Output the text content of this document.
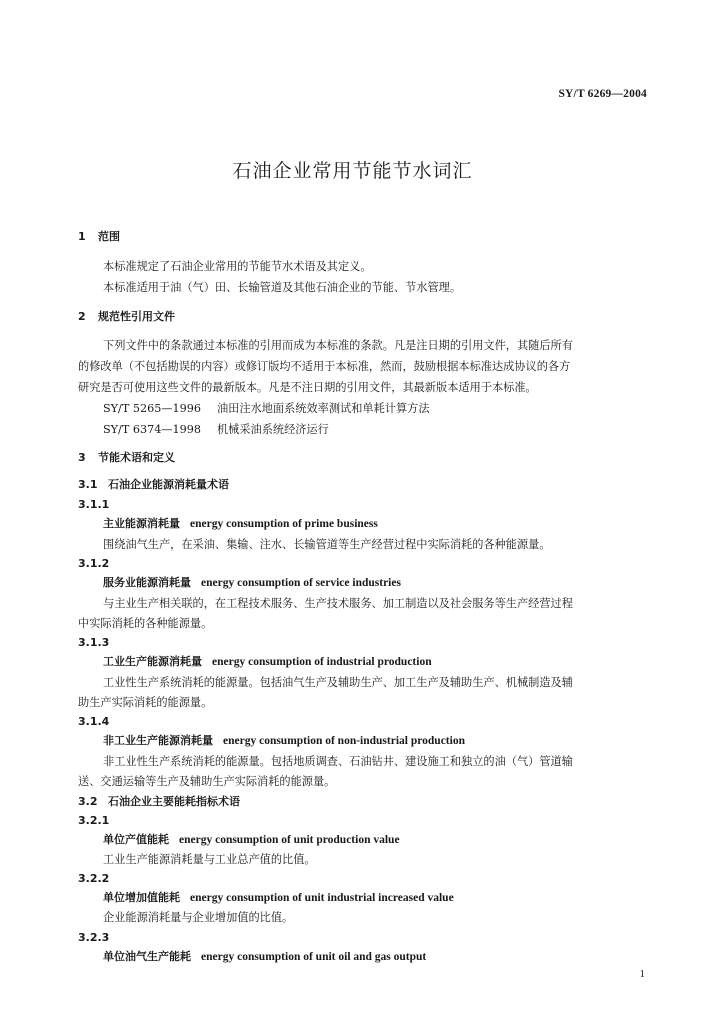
SY/T 6269—2004
石油企业常用节能节水词汇
1 范围
本标准规定了石油企业常用的节能节水术语及其定义。
本标准适用于油（气）田、长输管道及其他石油企业的节能、节水管理。
2 规范性引用文件
下列文件中的条款通过本标准的引用而成为本标准的条款。凡是注日期的引用文件，其随后所有
的修改单（不包括勘误的内容）或修订版均不适用于本标准，然而，鼓励根据本标准达成协议的各方
研究是否可使用这些文件的最新版本。凡是不注日期的引用文件，其最新版本适用于本标准。
SY/T 5265—1996 油田注水地面系统效率测试和单耗计算方法
SY/T 6374—1998 机械采油系统经济运行
3 节能术语和定义
3.1 石油企业能源消耗量术语
3.1.1
主业能源消耗量 energy consumption of prime business
围绕油气生产，在采油、集输、注水、长输管道等生产经营过程中实际消耗的各种能源量。
3.1.2
服务业能源消耗量 energy consumption of service industries
与主业生产相关联的，在工程技术服务、生产技术服务、加工制造以及社会服务等生产经营过程
中实际消耗的各种能源量。
3.1.3
工业生产能源消耗量 energy consumption of industrial production
工业性生产系统消耗的能源量。包括油气生产及辅助生产、加工生产及辅助生产、机械制造及辅
助生产实际消耗的能源量。
3.1.4
非工业生产能源消耗量 energy consumption of non-industrial production
非工业性生产系统消耗的能源量。包括地质调查、石油钻井、建设施工和独立的油（气）管道输
送、交通运输等生产及辅助生产实际消耗的能源量。
3.2 石油企业主要能耗指标术语
3.2.1
单位产值能耗 energy consumption of unit production value
工业生产能源消耗量与工业总产值的比值。
3.2.2
单位增加值能耗 energy consumption of unit industrial increased value
企业能源消耗量与企业增加值的比值。
3.2.3
单位油气生产能耗 energy consumption of unit oil and gas output
1
